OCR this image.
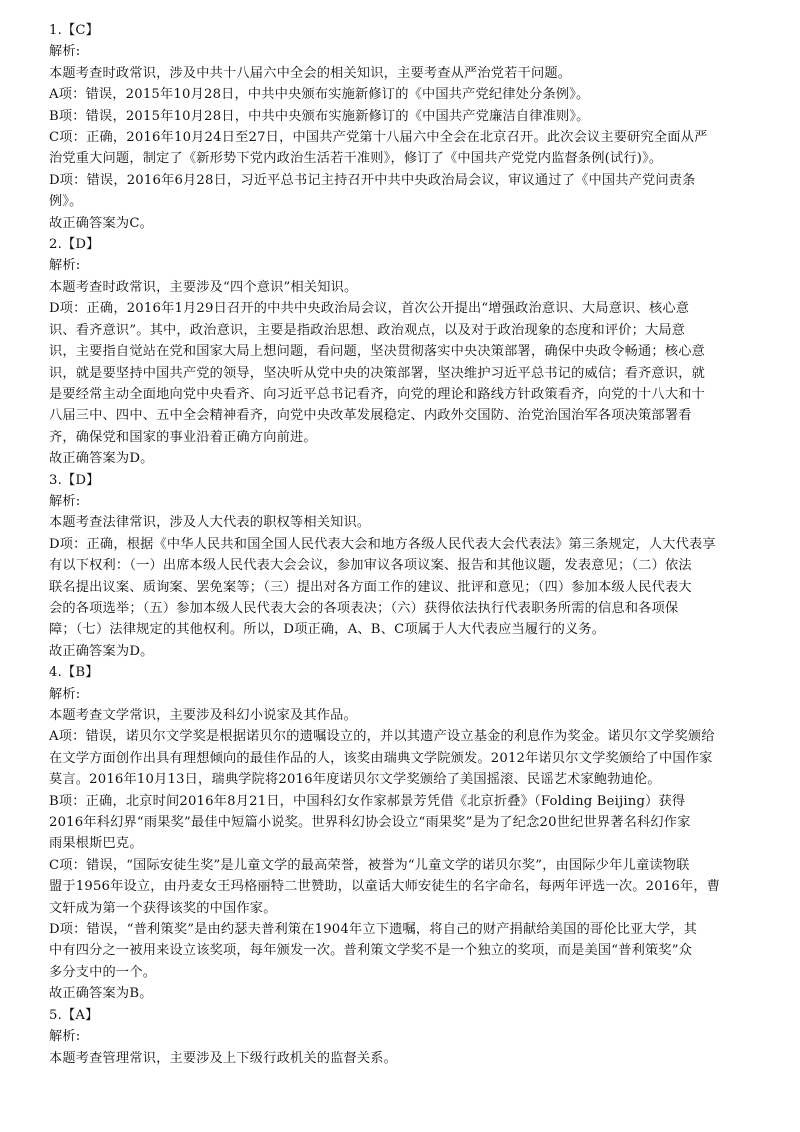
1.【C】
解析:
本题考查时政常识，涉及中共十八届六中全会的相关知识，主要考查从严治党若干问题。
A项：错误，2015年10月28日，中共中央颁布实施新修订的《中国共产党纪律处分条例》。
B项：错误，2015年10月28日，中共中央颁布实施新修订的《中国共产党廉洁自律准则》。
C项：正确，2016年10月24日至27日，中国共产党第十八届六中全会在北京召开。此次会议主要研究全面从严
治党重大问题，制定了《新形势下党内政治生活若干准则》，修订了《中国共产党党内监督条例(试行)》。
D项：错误，2016年6月28日，习近平总书记主持召开中共中央政治局会议，审议通过了《中国共产党问责条
例》。
故正确答案为C。
2.【D】
解析:
本题考查时政常识，主要涉及“四个意识”相关知识。
D项：正确，2016年1月29日召开的中共中央政治局会议，首次公开提出“增强政治意识、大局意识、核心意
识、看齐意识”。其中，政治意识，主要是指政治思想、政治观点，以及对于政治现象的态度和评价；大局意
识，主要指自觉站在党和国家大局上想问题，看问题，坚决贯彻落实中央决策部署，确保中央政令畅通；核心意
识，就是要坚持中国共产党的领导，坚决听从党中央的决策部署，坚决维护习近平总书记的威信；看齐意识，就
是要经常主动全面地向党中央看齐、向习近平总书记看齐，向党的理论和路线方针政策看齐，向党的十八大和十
八届三中、四中、五中全会精神看齐，向党中央改革发展稳定、内政外交国防、治党治国治军各项决策部署看
齐，确保党和国家的事业沿着正确方向前进。
故正确答案为D。
3.【D】
解析:
本题考查法律常识，涉及人大代表的职权等相关知识。
D项：正确，根据《中华人民共和国全国人民代表大会和地方各级人民代表大会代表法》第三条规定，人大代表享
有以下权利：（一）出席本级人民代表大会会议，参加审议各项议案、报告和其他议题，发表意见；（二）依法
联名提出议案、质询案、罢免案等；（三）提出对各方面工作的建议、批评和意见；（四）参加本级人民代表大
会的各项选举；（五）参加本级人民代表大会的各项表决；（六）获得依法执行代表职务所需的信息和各项保
障；（七）法律规定的其他权利。所以，D项正确，A、B、C项属于人大代表应当履行的义务。
故正确答案为D。
4.【B】
解析:
本题考查文学常识，主要涉及科幻小说家及其作品。
A项：错误，诺贝尔文学奖是根据诺贝尔的遗嘱设立的，并以其遗产设立基金的利息作为奖金。诺贝尔文学奖颁给
在文学方面创作出具有理想倾向的最佳作品的人，该奖由瑞典文学院颁发。2012年诺贝尔文学奖颁给了中国作家
莫言。2016年10月13日，瑞典学院将2016年度诺贝尔文学奖颁给了美国摇滚、民谣艺术家鲍勃迪伦。
B项：正确，北京时间2016年8月21日，中国科幻女作家郝景芳凭借《北京折叠》（Folding Beijing）获得
2016年科幻界“雨果奖”最佳中短篇小说奖。世界科幻协会设立“雨果奖”是为了纪念20世纪世界著名科幻作家
雨果根斯巴克。
C项：错误，“国际安徒生奖”是儿童文学的最高荣誉，被誉为“儿童文学的诺贝尔奖”，由国际少年儿童读物联
盟于1956年设立，由丹麦女王玛格丽特二世赞助，以童话大师安徒生的名字命名，每两年评选一次。2016年，曹
文轩成为第一个获得该奖的中国作家。
D项：错误，“普利策奖”是由约瑟夫普利策在1904年立下遗嘱，将自己的财产捐献给美国的哥伦比亚大学，其
中有四分之一被用来设立该奖项，每年颁发一次。普利策文学奖不是一个独立的奖项，而是美国“普利策奖”众
多分支中的一个。
故正确答案为B。
5.【A】
解析:
本题考查管理常识，主要涉及上下级行政机关的监督关系。
